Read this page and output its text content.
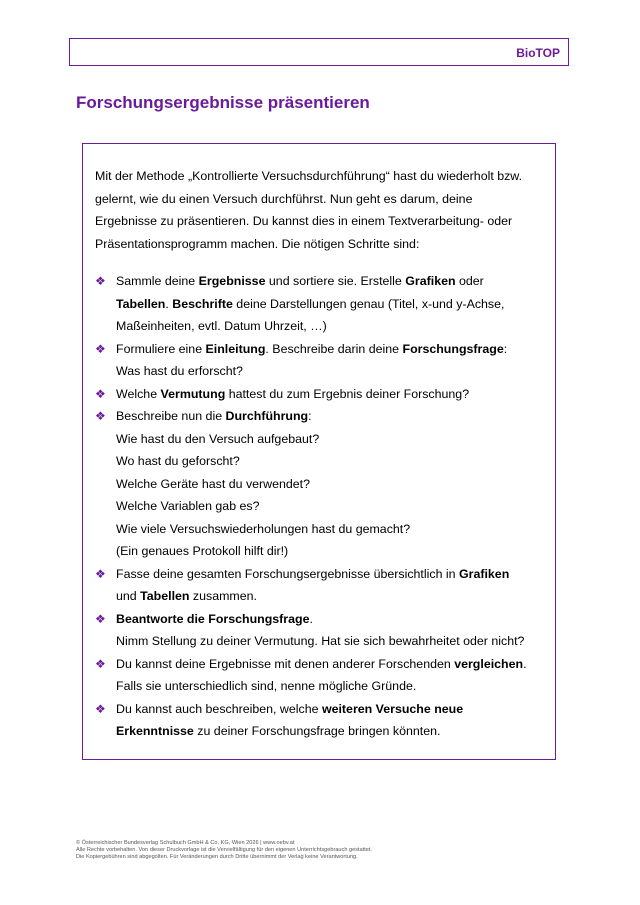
BioTOP
Forschungsergebnisse präsentieren

Mit der Methode „Kontrollierte Versuchsdurchführung“ hast du wiederholt bzw.
gelernt, wie du einen Versuch durchführst. Nun geht es darum, deine
Ergebnisse zu präsentieren. Du kannst dies in einem Textverarbeitung- oder
Präsentationsprogramm machen. Die nötigen Schritte sind:

❖ Sammle deine Ergebnisse und sortiere sie. Erstelle Grafiken oder
Tabellen. Beschrifte deine Darstellungen genau (Titel, x-und y-Achse,
Maßeinheiten, evtl. Datum Uhrzeit, …)
❖ Formuliere eine Einleitung. Beschreibe darin deine Forschungsfrage:
Was hast du erforscht?
❖ Welche Vermutung hattest du zum Ergebnis deiner Forschung?
❖ Beschreibe nun die Durchführung:
Wie hast du den Versuch aufgebaut?
Wo hast du geforscht?
Welche Geräte hast du verwendet?
Welche Variablen gab es?
Wie viele Versuchswiederholungen hast du gemacht?
(Ein genaues Protokoll hilft dir!)
❖ Fasse deine gesamten Forschungsergebnisse übersichtlich in Grafiken
und Tabellen zusammen.
❖ Beantworte die Forschungsfrage.
Nimm Stellung zu deiner Vermutung. Hat sie sich bewahrheitet oder nicht?
❖ Du kannst deine Ergebnisse mit denen anderer Forschenden vergleichen.
Falls sie unterschiedlich sind, nenne mögliche Gründe.
❖ Du kannst auch beschreiben, welche weiteren Versuche neue
Erkenntnisse zu deiner Forschungsfrage bringen könnten.
© Österreichischer Bundesverlag Schulbuch GmbH & Co. KG, Wien 2026 | www.oebv.at
Alle Rechte vorbehalten. Von dieser Druckvorlage ist die Vervielfältigung für den eigenen Unterrichtsgebrauch gestattet.
Die Kopiergebühren sind abgegolten. Für Veränderungen durch Dritte übernimmt der Verlag keine Verantwortung.
